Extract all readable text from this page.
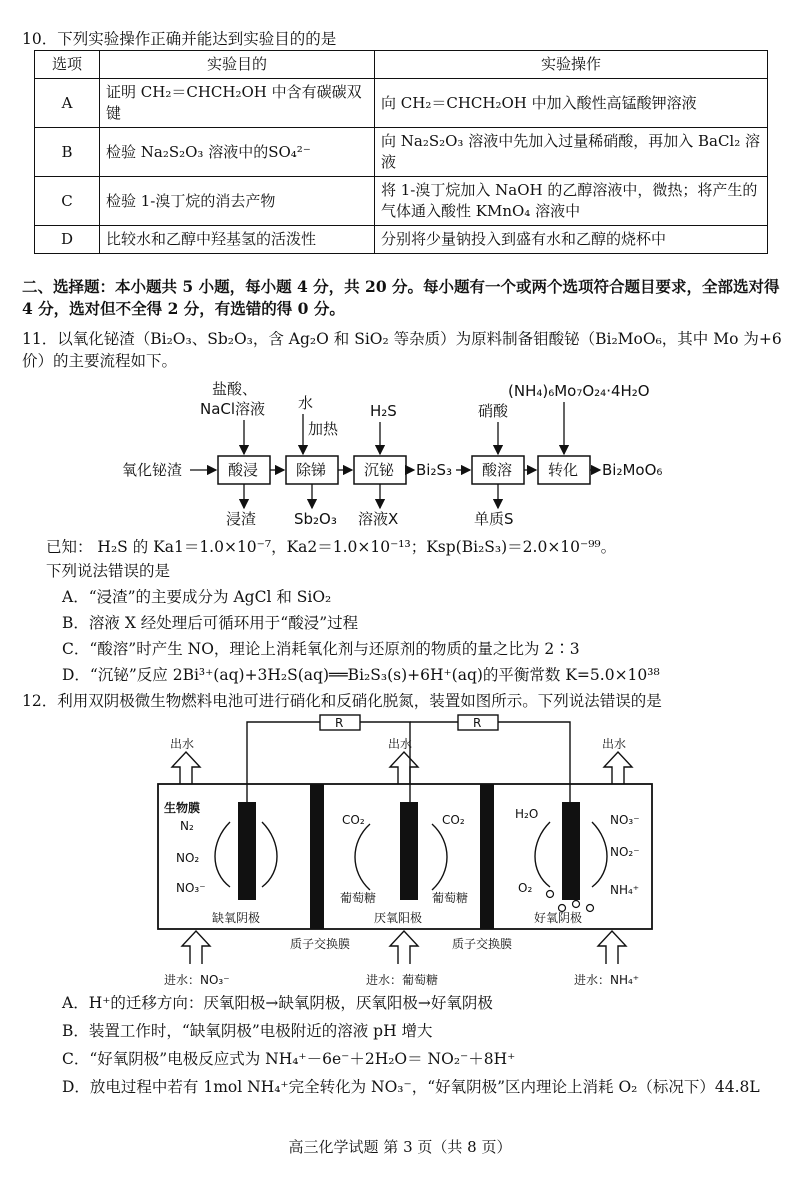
10．下列实验操作正确并能达到实验目的的是
选项	实验目的	实验操作
A	证明 CH₂＝CHCH₂OH 中含有碳碳双键	向 CH₂＝CHCH₂OH 中加入酸性高锰酸钾溶液
B	检验 Na₂S₂O₃ 溶液中的SO₄²⁻	向 Na₂S₂O₃ 溶液中先加入过量稀硝酸，再加入 BaCl₂ 溶液
C	检验 1-溴丁烷的消去产物	将 1-溴丁烷加入 NaOH 的乙醇溶液中，微热；将产生的气体通入酸性 KMnO₄ 溶液中
D	比较水和乙醇中羟基氢的活泼性	分别将少量钠投入到盛有水和乙醇的烧杯中
二、选择题：本小题共 5 小题，每小题 4 分，共 20 分。每小题有一个或两个选项符合题目要求，全部选对得 4 分，选对但不全得 2 分，有选错的得 0 分。
11．以氧化铋渣（Bi₂O₃、Sb₂O₃，含 Ag₂O 和 SiO₂ 等杂质）为原料制备钼酸铋（Bi₂MoO₆，其中 Mo 为+6 价）的主要流程如下。
盐酸、
NaCl溶液 水
加热
H₂S	硝酸
(NH₄)₆Mo₇O₂₄·4H₂O
氧化铋渣	酸浸	除锑	沉铋 Bi₂S₃ 酸溶 转化 Bi₂MoO₆
浸渣	Sb₂O₃ 溶液X	单质S
已知： H₂S 的 Ka1＝1.0×10⁻⁷，Ka2＝1.0×10⁻¹³；Ksp(Bi₂S₃)＝2.0×10⁻⁹⁹。
下列说法错误的是
A．“浸渣”的主要成分为 AgCl 和 SiO₂
B．溶液 X 经处理后可循环用于“酸浸”过程
C．“酸溶”时产生 NO，理论上消耗氧化剂与还原剂的物质的量之比为 2∶3
D．“沉铋”反应 2Bi³⁺(aq)+3H₂S(aq)══Bi₂S₃(s)+6H⁺(aq)的平衡常数 K=5.0×10³⁸
12．利用双阴极微生物燃料电池可进行硝化和反硝化脱氮，装置如图所示。下列说法错误的是
R	R
出水	出水	出水
生物膜
N₂
NO₂
NO₃⁻
CO₂	CO₂
葡萄糖	葡萄糖
H₂O	NO₃⁻
NO₂⁻
O₂	NH₄⁺
缺氧阴极	厌氧阳极	好氧阴极
质子交换膜	质子交换膜
进水：NO₃⁻	进水：葡萄糖	进水：NH₄⁺
A．H⁺的迁移方向：厌氧阳极→缺氧阴极，厌氧阳极→好氧阴极
B．装置工作时，“缺氧阴极”电极附近的溶液 pH 增大
C．“好氧阴极”电极反应式为 NH₄⁺－6e⁻＋2H₂O＝ NO₂⁻＋8H⁺
D．放电过程中若有 1mol NH₄⁺完全转化为 NO₃⁻，“好氧阴极”区内理论上消耗 O₂（标况下）44.8L
高三化学试题 第 3 页（共 8 页）
